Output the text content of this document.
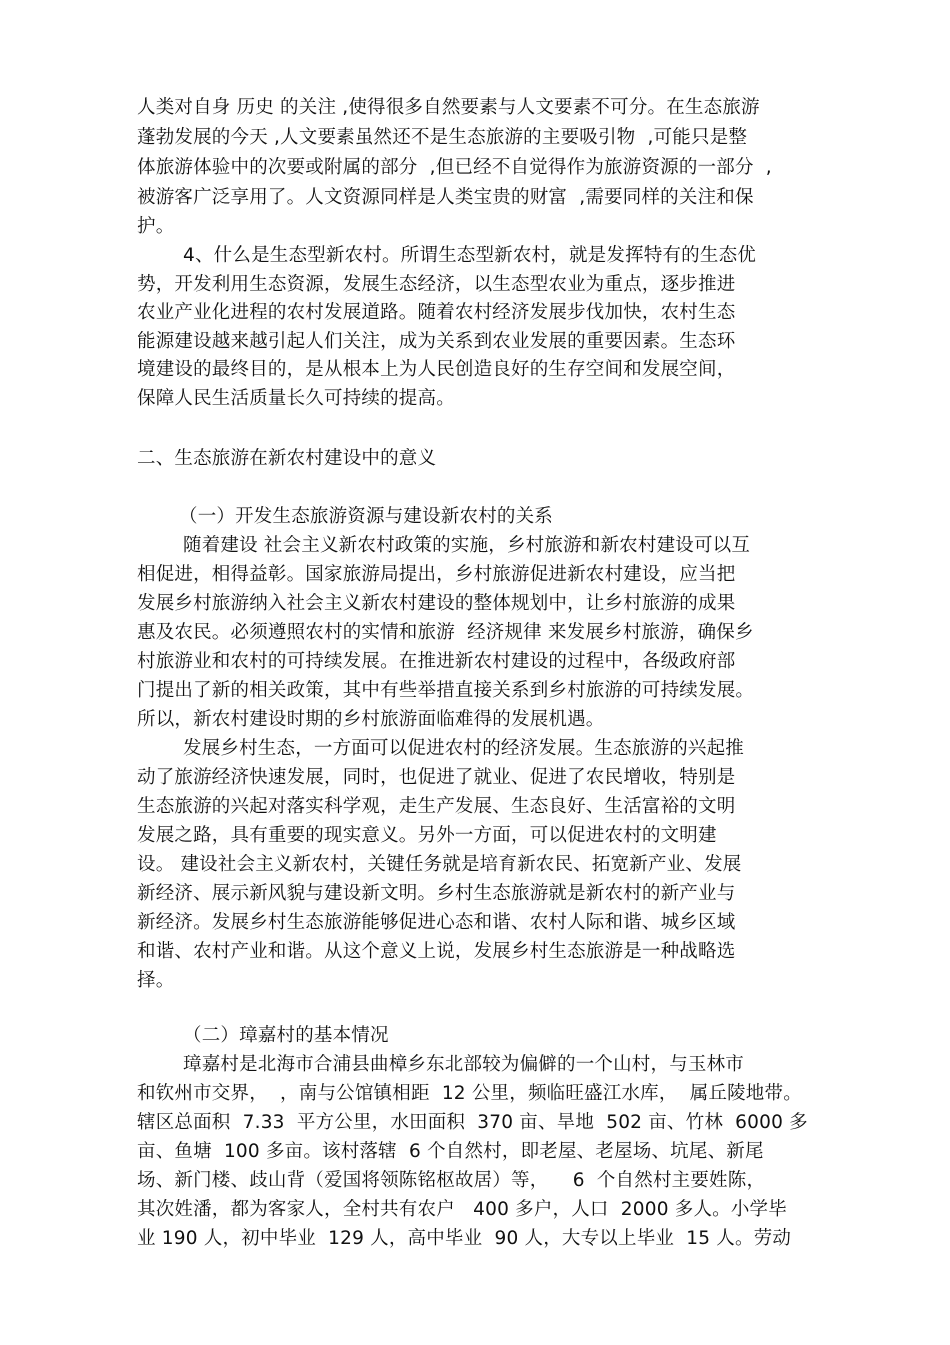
人类对自身 历史 的关注 ,使得很多自然要素与人文要素不可分。在生态旅游
蓬勃发展的今天 ,人文要素虽然还不是生态旅游的主要吸引物  ,可能只是整
体旅游体验中的次要或附属的部分  ,但已经不自觉得作为旅游资源的一部分  ,
被游客广泛享用了。人文资源同样是人类宝贵的财富  ,需要同样的关注和保
护。
4、什么是生态型新农村。所谓生态型新农村，就是发挥特有的生态优
势，开发利用生态资源，发展生态经济，以生态型农业为重点，逐步推进
农业产业化进程的农村发展道路。随着农村经济发展步伐加快，农村生态
能源建设越来越引起人们关注，成为关系到农业发展的重要因素。生态环
境建设的最终目的，是从根本上为人民创造良好的生存空间和发展空间，
保障人民生活质量长久可持续的提高。
二、生态旅游在新农村建设中的意义
（一）开发生态旅游资源与建设新农村的关系
随着建设 社会主义新农村政策的实施，乡村旅游和新农村建设可以互
相促进，相得益彰。国家旅游局提出，乡村旅游促进新农村建设，应当把
发展乡村旅游纳入社会主义新农村建设的整体规划中，让乡村旅游的成果
惠及农民。必须遵照农村的实情和旅游  经济规律 来发展乡村旅游，确保乡
村旅游业和农村的可持续发展。在推进新农村建设的过程中，各级政府部
门提出了新的相关政策，其中有些举措直接关系到乡村旅游的可持续发展。
所以，新农村建设时期的乡村旅游面临难得的发展机遇。
发展乡村生态，一方面可以促进农村的经济发展。生态旅游的兴起推
动了旅游经济快速发展，同时，也促进了就业、促进了农民增收，特别是
生态旅游的兴起对落实科学观，走生产发展、生态良好、生活富裕的文明
发展之路，具有重要的现实意义。另外一方面，可以促进农村的文明建
设。 建设社会主义新农村，关键任务就是培育新农民、拓宽新产业、发展
新经济、展示新风貌与建设新文明。乡村生态旅游就是新农村的新产业与
新经济。发展乡村生态旅游能够促进心态和谐、农村人际和谐、城乡区域
和谐、农村产业和谐。从这个意义上说，发展乡村生态旅游是一种战略选
择。
（二）璋嘉村的基本情况
璋嘉村是北海市合浦县曲樟乡东北部较为偏僻的一个山村，与玉林市
和钦州市交界，  ，南与公馆镇相距  12 公里，频临旺盛江水库，  属丘陵地带。
辖区总面积  7.33  平方公里，水田面积  370 亩、旱地  502 亩、竹林  6000 多
亩、鱼塘  100 多亩。该村落辖  6 个自然村，即老屋、老屋场、坑尾、新尾
场、新门楼、歧山背（爱国将领陈铭枢故居）等，    6  个自然村主要姓陈，
其次姓潘，都为客家人，全村共有农户   400 多户，人口  2000 多人。小学毕
业 190 人，初中毕业  129 人，高中毕业  90 人，大专以上毕业  15 人。劳动
